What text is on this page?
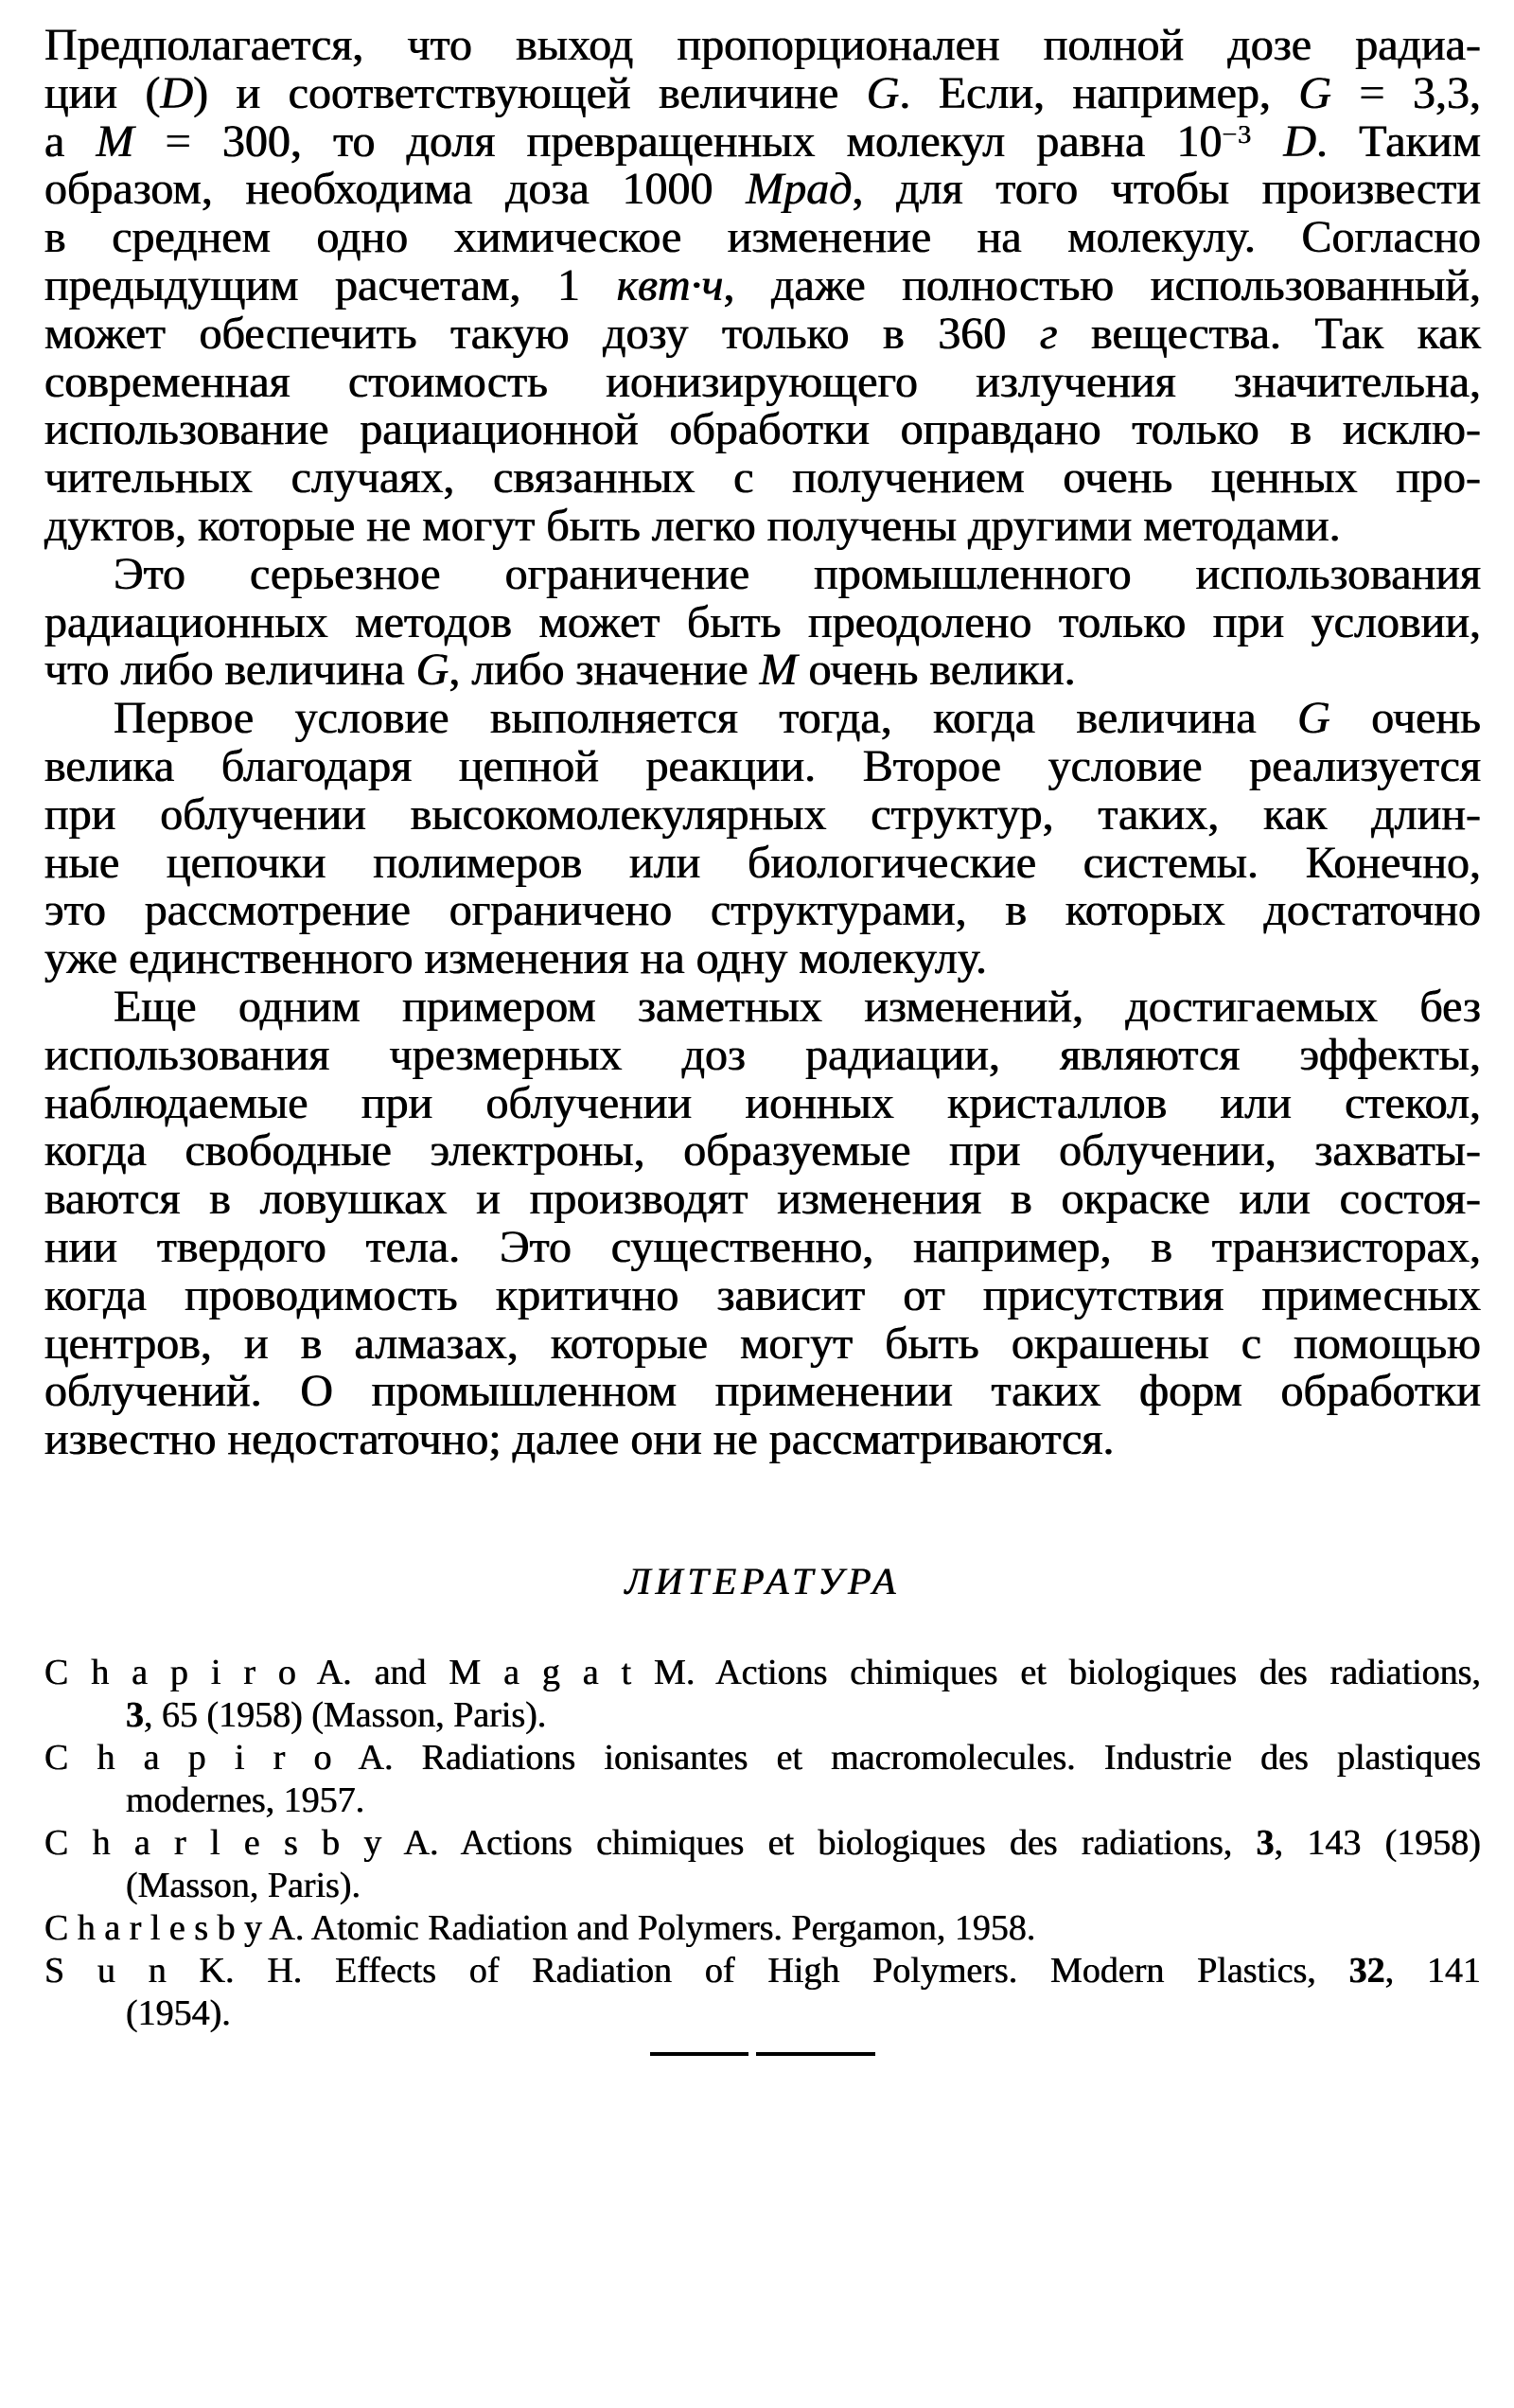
Предполагается, что выход пропорционален полной дозе радиа-
ции (D) и соответствующей величине G. Если, например, G = 3,3,
а М = 300, то доля превращенных молекул равна $10^{-3}$ D. Таким
образом, необходима доза 1000 Мрад, для того чтобы произвести
в среднем одно химическое изменение на молекулу. Согласно
предыдущим расчетам, 1 квт·ч, даже полностью использованный,
может обеспечить такую дозу только в 360 г вещества. Так как
современная стоимость ионизирующего излучения значительна,
использование рациационной обработки оправдано только в исклю-
чительных случаях, связанных с получением очень ценных про-
дуктов, которые не могут быть легко получены другими методами.
Это серьезное ограничение промышленного использования
радиационных методов может быть преодолено только при условии,
что либо величина G, либо значение М очень велики.
Первое условие выполняется тогда, когда величина G очень
велика благодаря цепной реакции. Второе условие реализуется
при облучении высокомолекулярных структур, таких, как длин-
ные цепочки полимеров или биологические системы. Конечно,
это рассмотрение ограничено структурами, в которых достаточно
уже единственного изменения на одну молекулу.
Еще одним примером заметных изменений, достигаемых без
использования чрезмерных доз радиации, являются эффекты,
наблюдаемые при облучении ионных кристаллов или стекол,
когда свободные электроны, образуемые при облучении, захваты-
ваются в ловушках и производят изменения в окраске или состоя-
нии твердого тела. Это существенно, например, в транзисторах,
когда проводимость критично зависит от присутствия примесных
центров, и в алмазах, которые могут быть окрашены с помощью
облучений. О промышленном применении таких форм обработки
известно недостаточно; далее они не рассматриваются.
ЛИТЕРАТУРА
C h a p i r o A. and M a g a t M. Actions chimiques et biologiques des radiations,
3, 65 (1958) (Masson, Paris).
C h a p i r o A. Radiations ionisantes et macromolecules. Industrie des plastiques
modernes, 1957.
C h a r l e s b y A. Actions chimiques et biologiques des radiations, 3, 143 (1958)
(Masson, Paris).
C h a r l e s b y A. Atomic Radiation and Polymers. Pergamon, 1958.
S u n K. H. Effects of Radiation of High Polymers. Modern Plastics, 32, 141
(1954).
